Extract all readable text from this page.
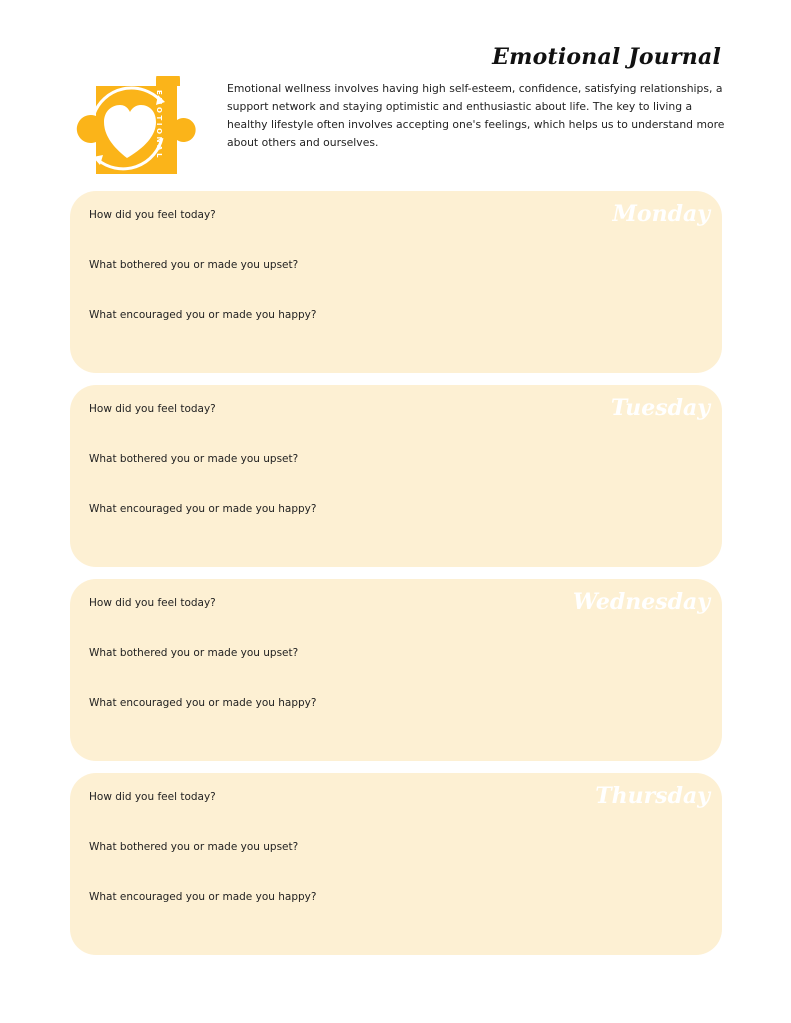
Emotional Journal
EMOTIONAL
Emotional wellness involves having high self-esteem, confidence, satisfying relationships, a support network and staying optimistic and enthusiastic about life. The key to living a healthy lifestyle often involves accepting one's feelings, which helps us to understand more about others and ourselves.
Monday
How did you feel today?
What bothered you or made you upset?
What encouraged you or made you happy?
Tuesday
How did you feel today?
What bothered you or made you upset?
What encouraged you or made you happy?
Wednesday
How did you feel today?
What bothered you or made you upset?
What encouraged you or made you happy?
Thursday
How did you feel today?
What bothered you or made you upset?
What encouraged you or made you happy?
